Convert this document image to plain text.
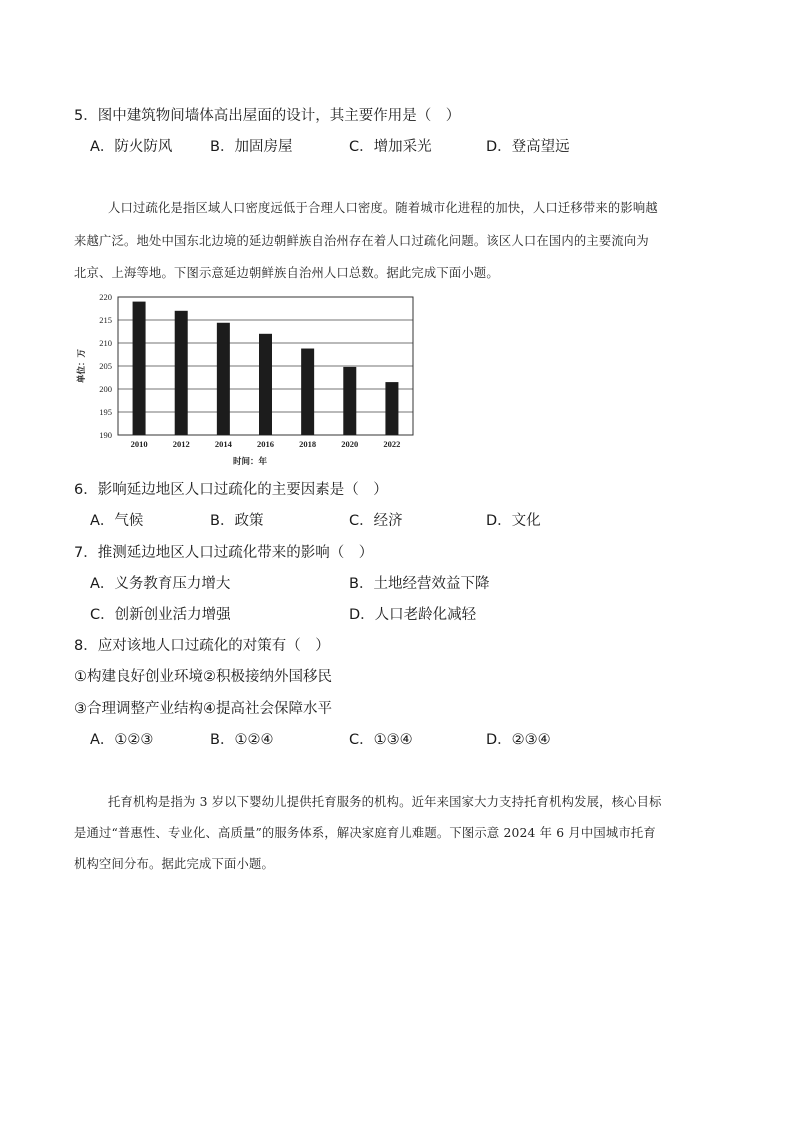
5．图中建筑物间墙体高出屋面的设计，其主要作用是（　）
A．防火防风	B．加固房屋	C．增加采光	D．登高望远
人口过疏化是指区域人口密度远低于合理人口密度。随着城市化进程的加快，人口迁移带来的影响越
来越广泛。地处中国东北边境的延边朝鲜族自治州存在着人口过疏化问题。该区人口在国内的主要流向为
北京、上海等地。下图示意延边朝鲜族自治州人口总数。据此完成下面小题。
190
195
200
205
210
215
220
2010	2012	2014	2016	2018	2020	2022
单位：万
时间：年
6．影响延边地区人口过疏化的主要因素是（　）
A．气候	B．政策	C．经济	D．文化
7．推测延边地区人口过疏化带来的影响（　）
A．义务教育压力增大	B．土地经营效益下降
C．创新创业活力增强	D．人口老龄化减轻
8．应对该地人口过疏化的对策有（　）
①构建良好创业环境②积极接纳外国移民
③合理调整产业结构④提高社会保障水平
A．①②③	B．①②④	C．①③④	D．②③④
托育机构是指为 3 岁以下婴幼儿提供托育服务的机构。近年来国家大力支持托育机构发展，核心目标
是通过“普惠性、专业化、高质量”的服务体系，解决家庭育儿难题。下图示意 2024 年 6 月中国城市托育
机构空间分布。据此完成下面小题。
